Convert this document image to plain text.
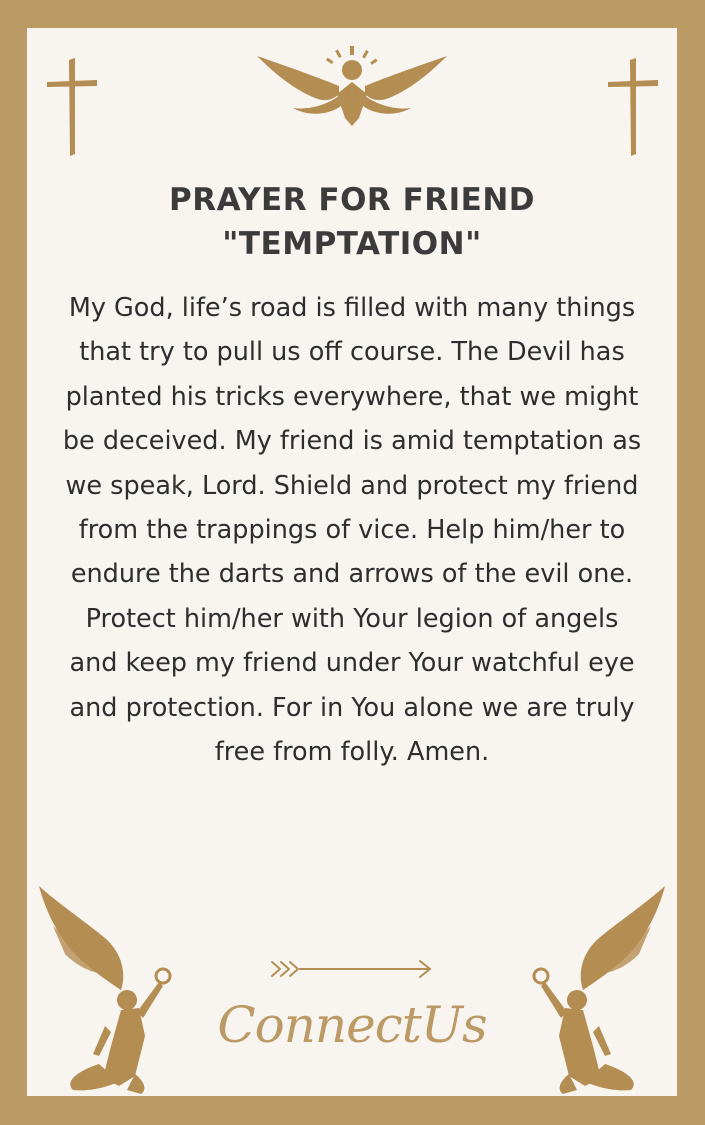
PRAYER FOR FRIEND
"TEMPTATION"

My God, life’s road is filled with many things that try to pull us off course. The Devil has planted his tricks everywhere, that we might be deceived. My friend is amid temptation as we speak, Lord. Shield and protect my friend from the trappings of vice. Help him/her to endure the darts and arrows of the evil one. Protect him/her with Your legion of angels and keep my friend under Your watchful eye and protection. For in You alone we are truly free from folly. Amen.

ConnectUs
